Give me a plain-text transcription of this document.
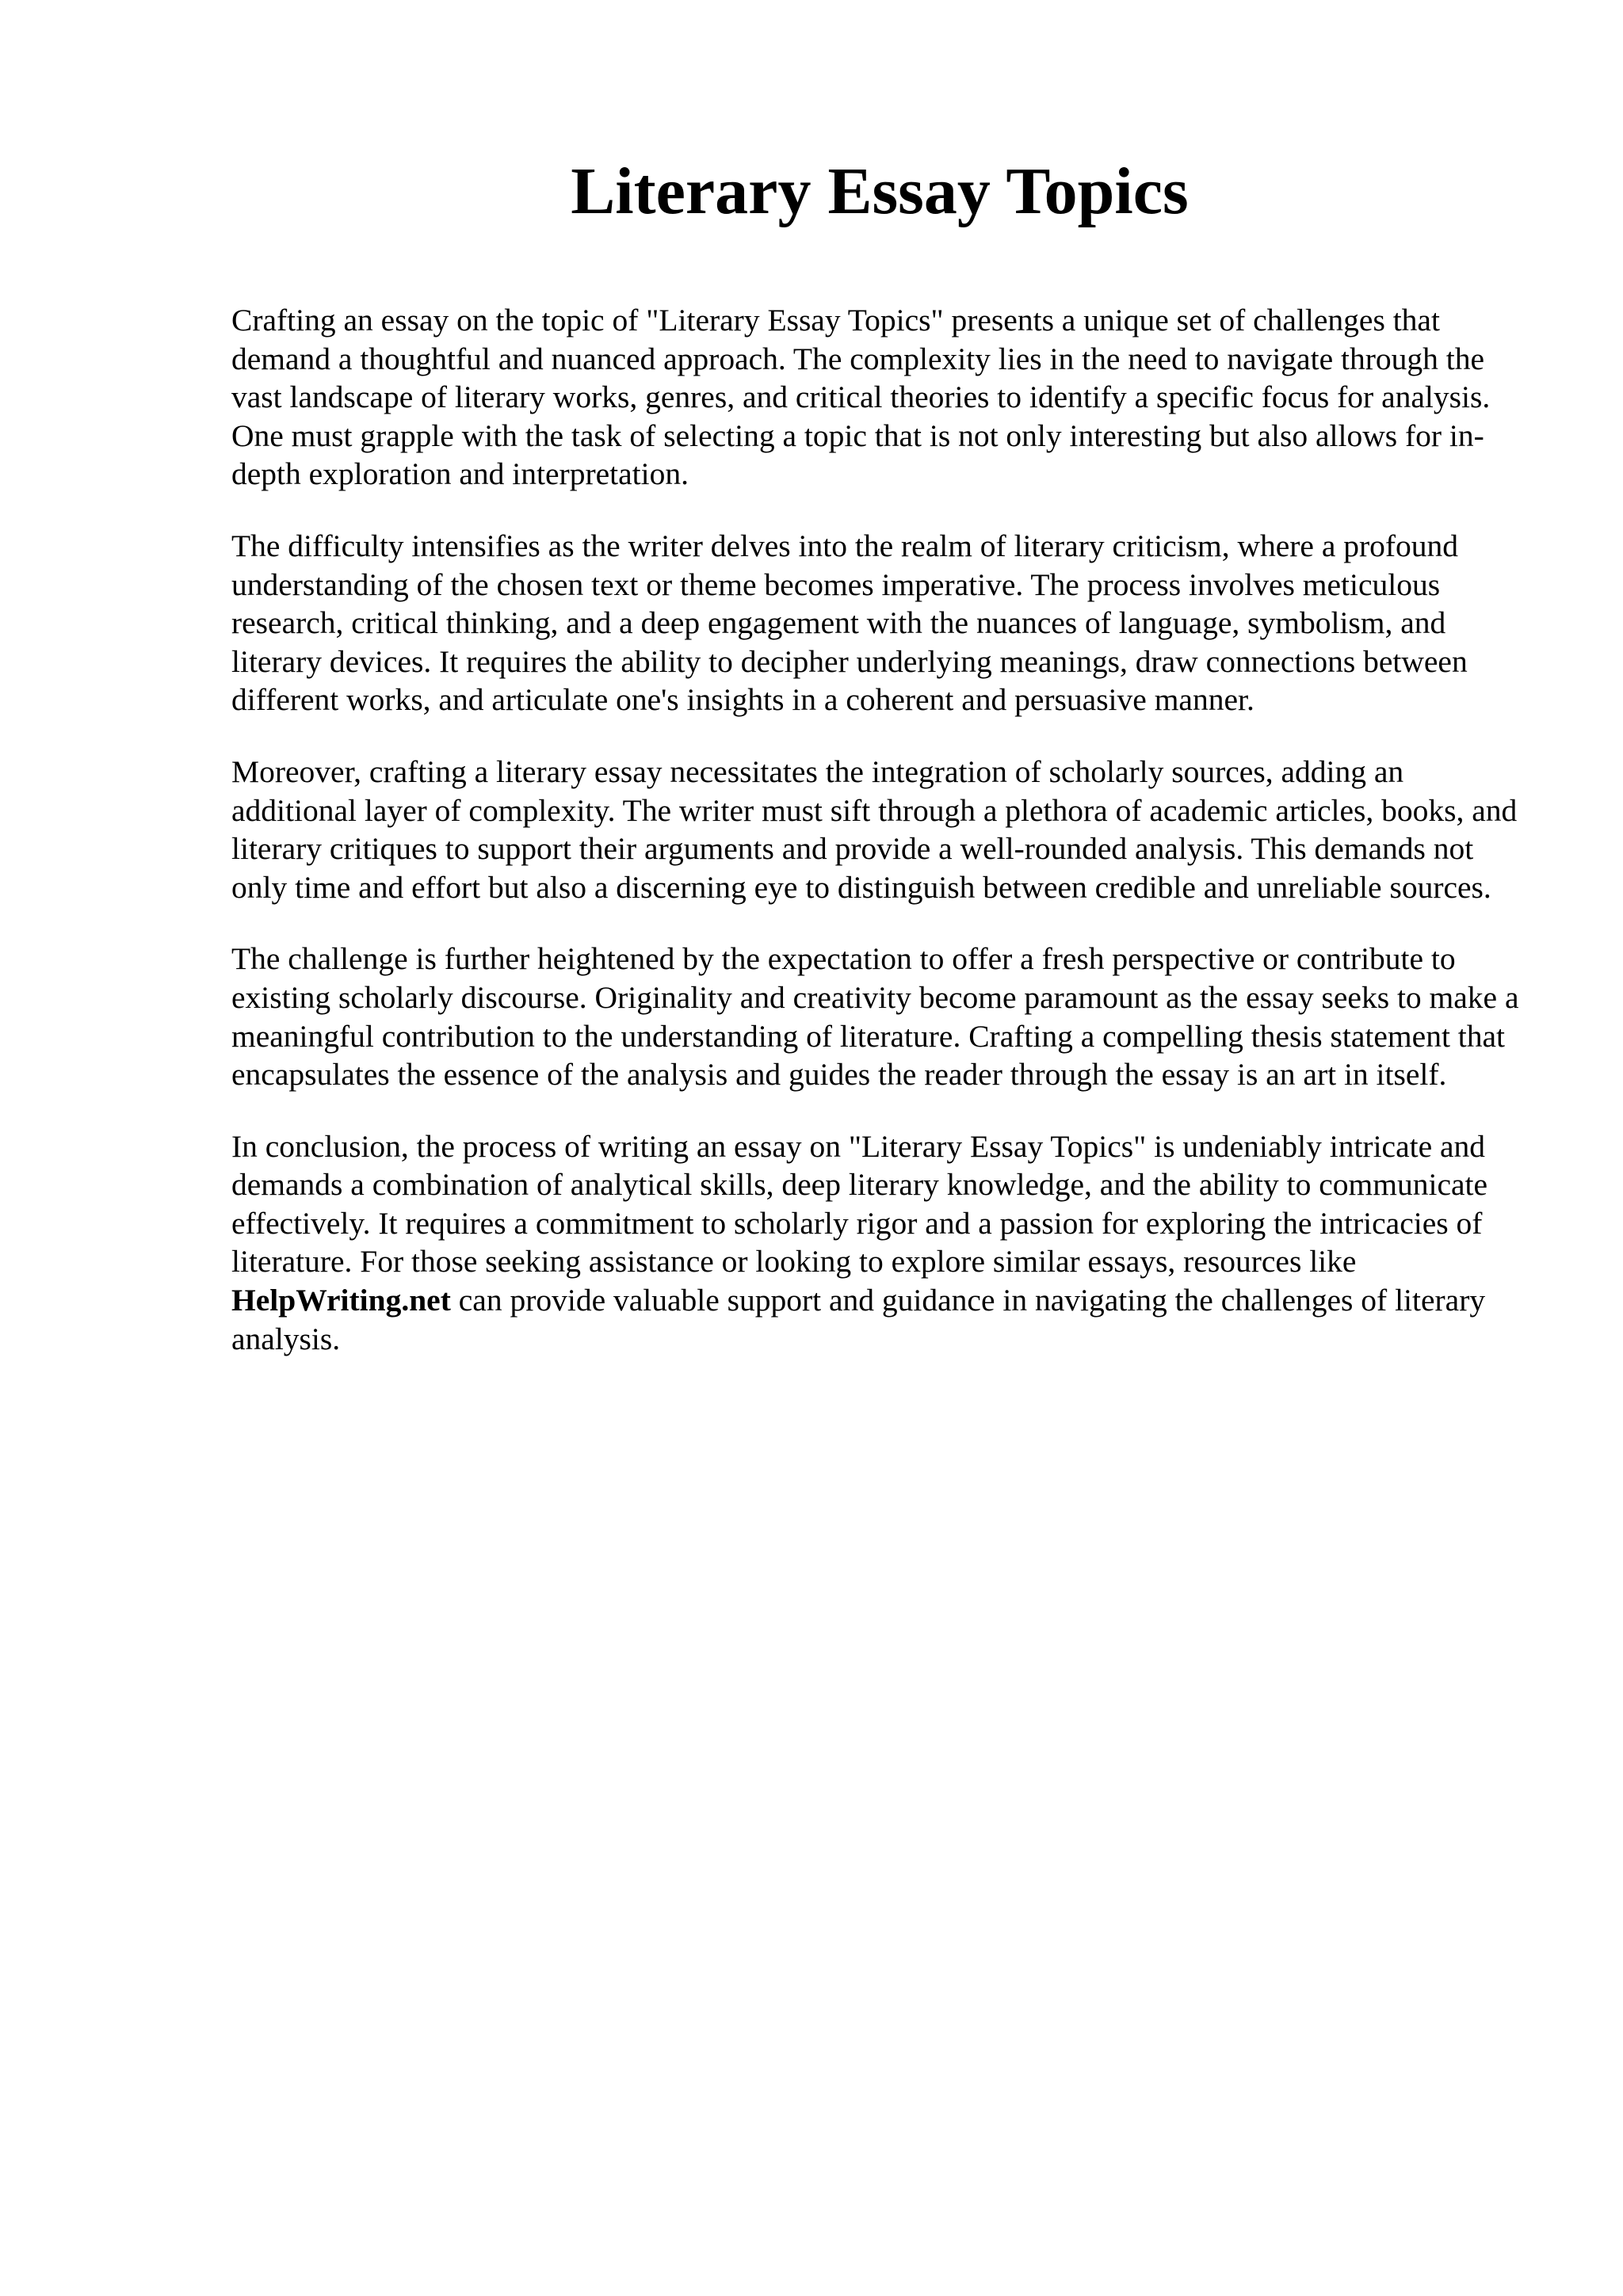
Literary Essay Topics

Crafting an essay on the topic of "Literary Essay Topics" presents a unique set of challenges that demand a thoughtful and nuanced approach. The complexity lies in the need to navigate through the vast landscape of literary works, genres, and critical theories to identify a specific focus for analysis. One must grapple with the task of selecting a topic that is not only interesting but also allows for in-depth exploration and interpretation.

The difficulty intensifies as the writer delves into the realm of literary criticism, where a profound understanding of the chosen text or theme becomes imperative. The process involves meticulous research, critical thinking, and a deep engagement with the nuances of language, symbolism, and literary devices. It requires the ability to decipher underlying meanings, draw connections between different works, and articulate one's insights in a coherent and persuasive manner.

Moreover, crafting a literary essay necessitates the integration of scholarly sources, adding an additional layer of complexity. The writer must sift through a plethora of academic articles, books, and literary critiques to support their arguments and provide a well-rounded analysis. This demands not only time and effort but also a discerning eye to distinguish between credible and unreliable sources.

The challenge is further heightened by the expectation to offer a fresh perspective or contribute to existing scholarly discourse. Originality and creativity become paramount as the essay seeks to make a meaningful contribution to the understanding of literature. Crafting a compelling thesis statement that encapsulates the essence of the analysis and guides the reader through the essay is an art in itself.

In conclusion, the process of writing an essay on "Literary Essay Topics" is undeniably intricate and demands a combination of analytical skills, deep literary knowledge, and the ability to communicate effectively. It requires a commitment to scholarly rigor and a passion for exploring the intricacies of literature. For those seeking assistance or looking to explore similar essays, resources like HelpWriting.net can provide valuable support and guidance in navigating the challenges of literary analysis.
